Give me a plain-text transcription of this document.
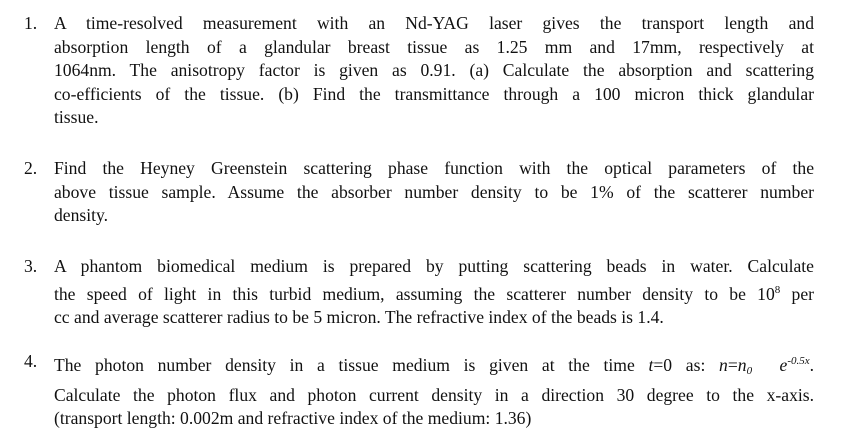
1. A time-resolved measurement with an Nd-YAG laser gives the transport length and
absorption length of a glandular breast tissue as 1.25 mm and 17mm, respectively at
1064nm. The anisotropy factor is given as 0.91. (a) Calculate the absorption and scattering
co-efficients of the tissue. (b) Find the transmittance through a 100 micron thick glandular
tissue.
2. Find the Heyney Greenstein scattering phase function with the optical parameters of the
above tissue sample. Assume the absorber number density to be 1% of the scatterer number
density.
3. A phantom biomedical medium is prepared by putting scattering beads in water. Calculate
the speed of light in this turbid medium, assuming the scatterer number density to be $10^8$ per
cc and average scatterer radius to be 5 micron. The refractive index of the beads is 1.4.
4. The photon number density in a tissue medium is given at the time t=0 as: n=n0 $e^{-0.5x}$.
Calculate the photon flux and photon current density in a direction 30 degree to the x-axis.
(transport length: 0.002m and refractive index of the medium: 1.36)
